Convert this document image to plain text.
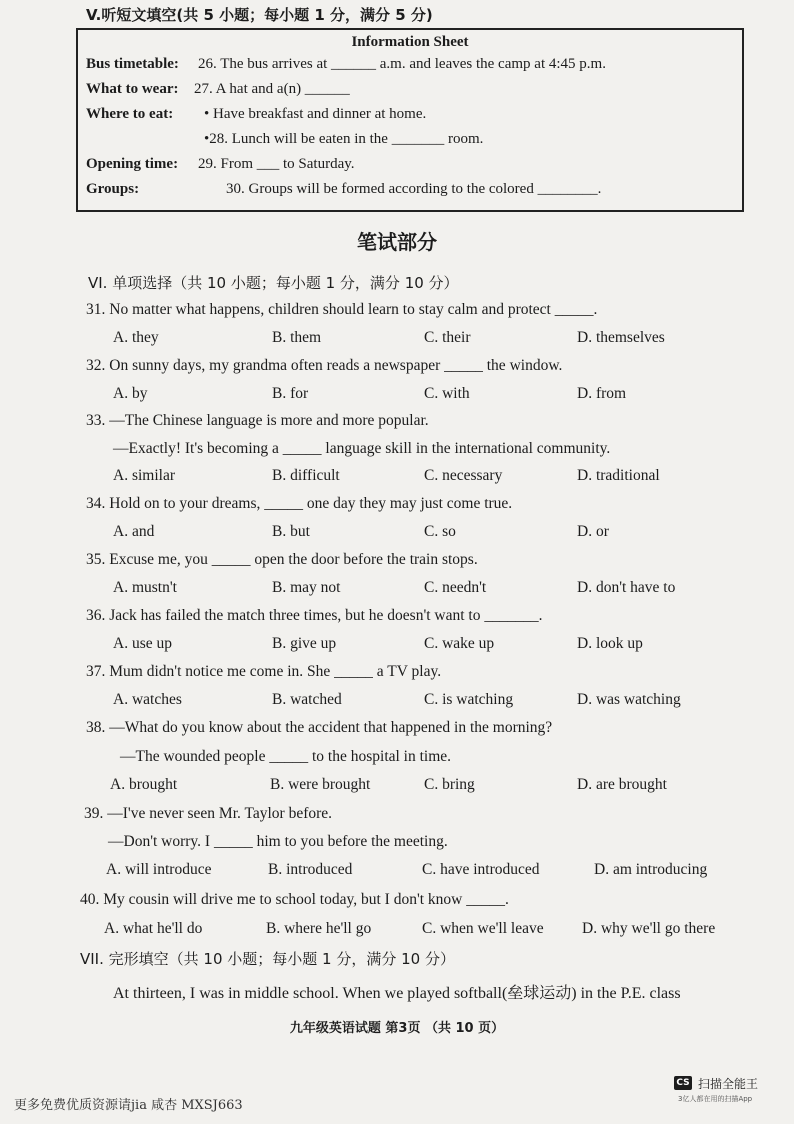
V.听短文填空(共 5 小题；每小题 1 分，满分 5 分)
Information Sheet
Bus timetable: 26. The bus arrives at ______ a.m. and leaves the camp at 4:45 p.m.
What to wear: 27. A hat and a(n) ______
Where to eat: • Have breakfast and dinner at home.
•28. Lunch will be eaten in the _______ room.
Opening time: 29. From ___ to Saturday.
Groups:	30. Groups will be formed according to the colored ________.
笔试部分
VI. 单项选择（共 10 小题；每小题 1 分，满分 10 分）
31. No matter what happens, children should learn to stay calm and protect _____.
A. they	B. them	C. their	D. themselves
32. On sunny days, my grandma often reads a newspaper _____ the window.
A. by	B. for	C. with	D. from
33. —The Chinese language is more and more popular.
—Exactly! It's becoming a _____ language skill in the international community.
A. similar	B. difficult	C. necessary	D. traditional
34. Hold on to your dreams, _____ one day they may just come true.
A. and	B. but	C. so	D. or
35. Excuse me, you _____ open the door before the train stops.
A. mustn't	B. may not	C. needn't	D. don't have to
36. Jack has failed the match three times, but he doesn't want to _______.
A. use up	B. give up	C. wake up	D. look up
37. Mum didn't notice me come in. She _____ a TV play.
A. watches	B. watched	C. is watching	D. was watching
38. —What do you know about the accident that happened in the morning?
—The wounded people _____ to the hospital in time.
A. brought	B. were brought	C. bring	D. are brought
39. —I've never seen Mr. Taylor before.
—Don't worry. I _____ him to you before the meeting.
A. will introduce	B. introduced	C. have introduced	D. am introducing
40. My cousin will drive me to school today, but I don't know _____.
A. what he'll do	B. where he'll go	C. when we'll leave D. why we'll go there
VII. 完形填空（共 10 小题；每小题 1 分，满分 10 分）
At thirteen, I was in middle school. When we played softball(垒球运动) in the P.E. class
九年级英语试题 第3页 （共 10 页）
更多免费优质资源请jia 咸杏 MXSJ663
CS 扫描全能王
3亿人都在用的扫描App
